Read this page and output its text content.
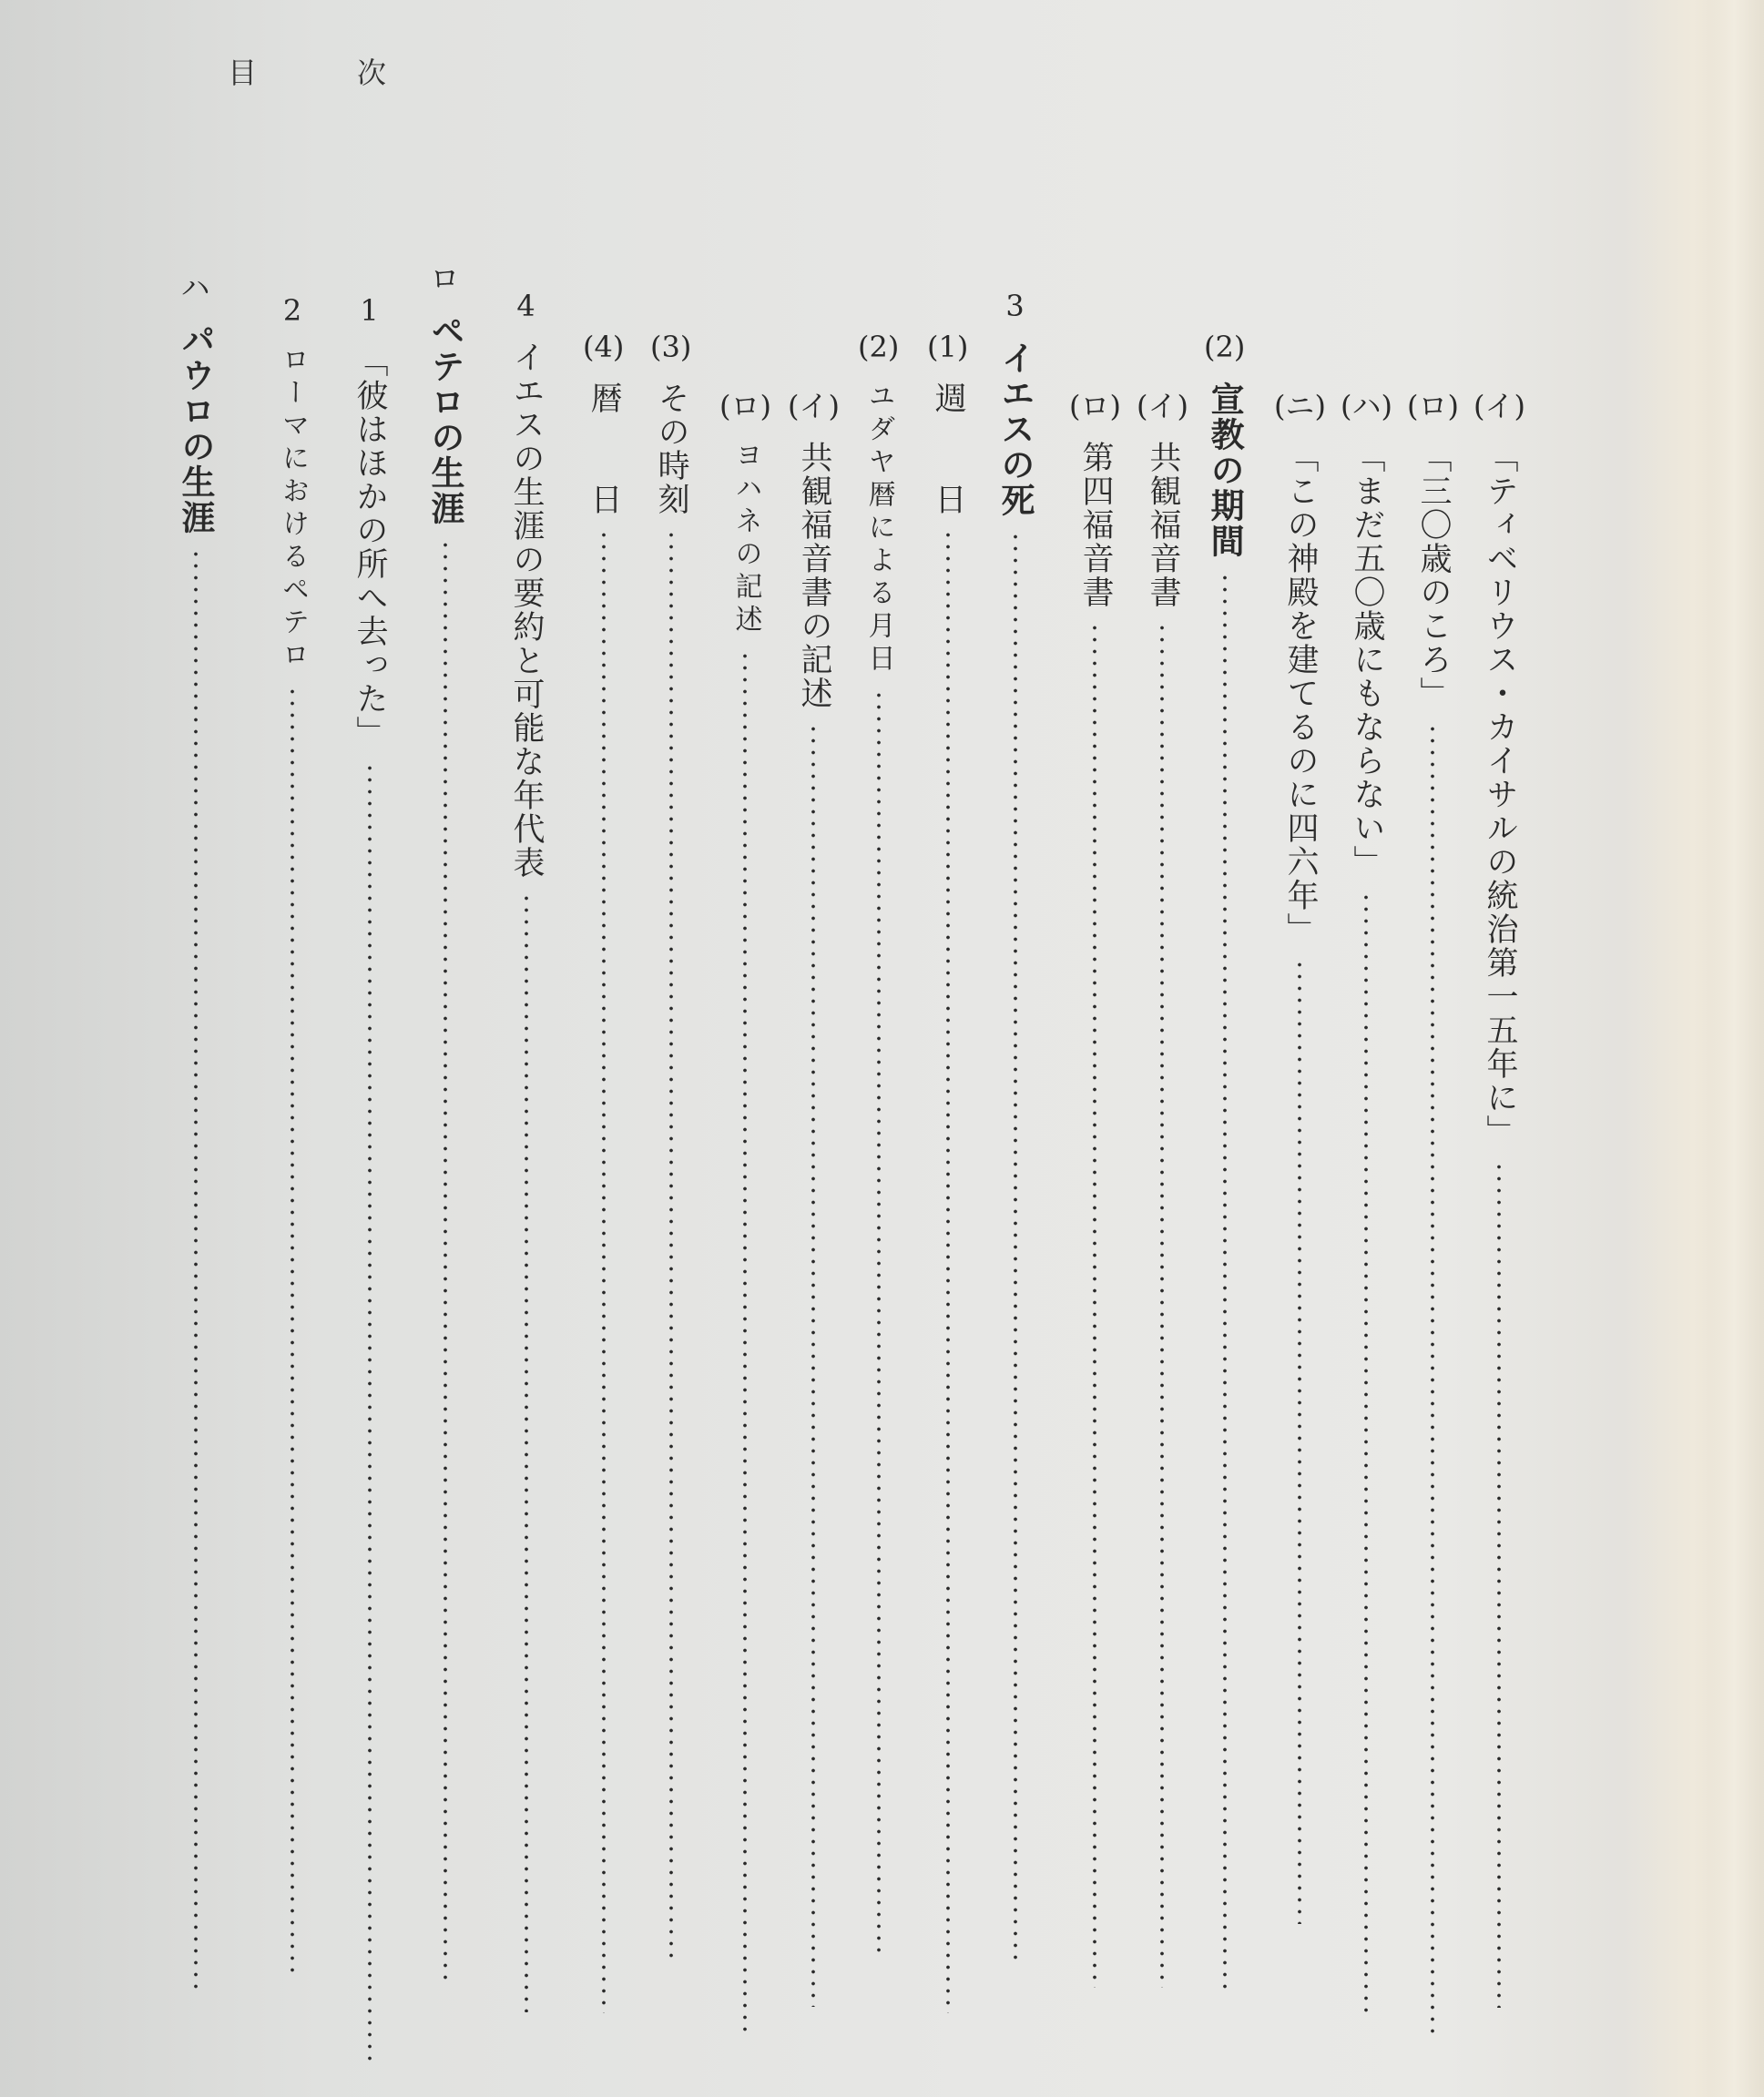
目次
(イ)
「ティベリウス・カイサルの統治第一五年に」
(ロ)
「三〇歳のころ」
(ハ)
「まだ五〇歳にもならない」
(ニ)
「この神殿を建てるのに四六年」
(2)
宣教の期間
(イ)
共観福音書
(ロ)
第四福音書
3
イエスの死
(1)
週　　日
(2)
ユダヤ暦による月日
(イ)
共観福音書の記述
(ロ)
ヨハネの記述
(3)
その時刻
(4)
暦　　日
4
イエスの生涯の要約と可能な年代表
ロ
ペテロの生涯
1
「彼はほかの所へ去った」
2
ローマにおけるペテロ
ハ
パウロの生涯
